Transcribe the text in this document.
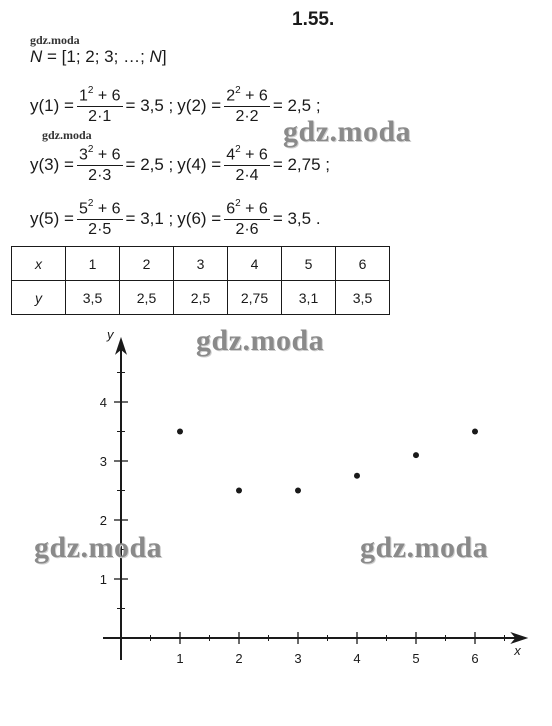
1.55.
gdz.moda
gdz.moda
N = [1; 2; 3; …; N]
$y(1) = \frac{1^2 + 6}{2\cdot 1} = 3,5$ ; $y(2) = \frac{2^2 + 6}{2\cdot 2} = 2,5$ ;
$y(3) = \frac{3^2 + 6}{2\cdot 3} = 2,5$ ; $y(4) = \frac{4^2 + 6}{2\cdot 4} = 2,75$ ;
$y(5) = \frac{5^2 + 6}{2\cdot 5} = 3,1$ ; $y(6) = \frac{6^2 + 6}{2\cdot 6} = 3,5$ .
gdz.moda
x	1	2	3	4	5	6
y	3,5	2,5	2,5	2,75	3,1	3,5
gdz.moda
x
y
1	2	3	4	5	6
1
2
3
4
gdz.moda	gdz.moda
